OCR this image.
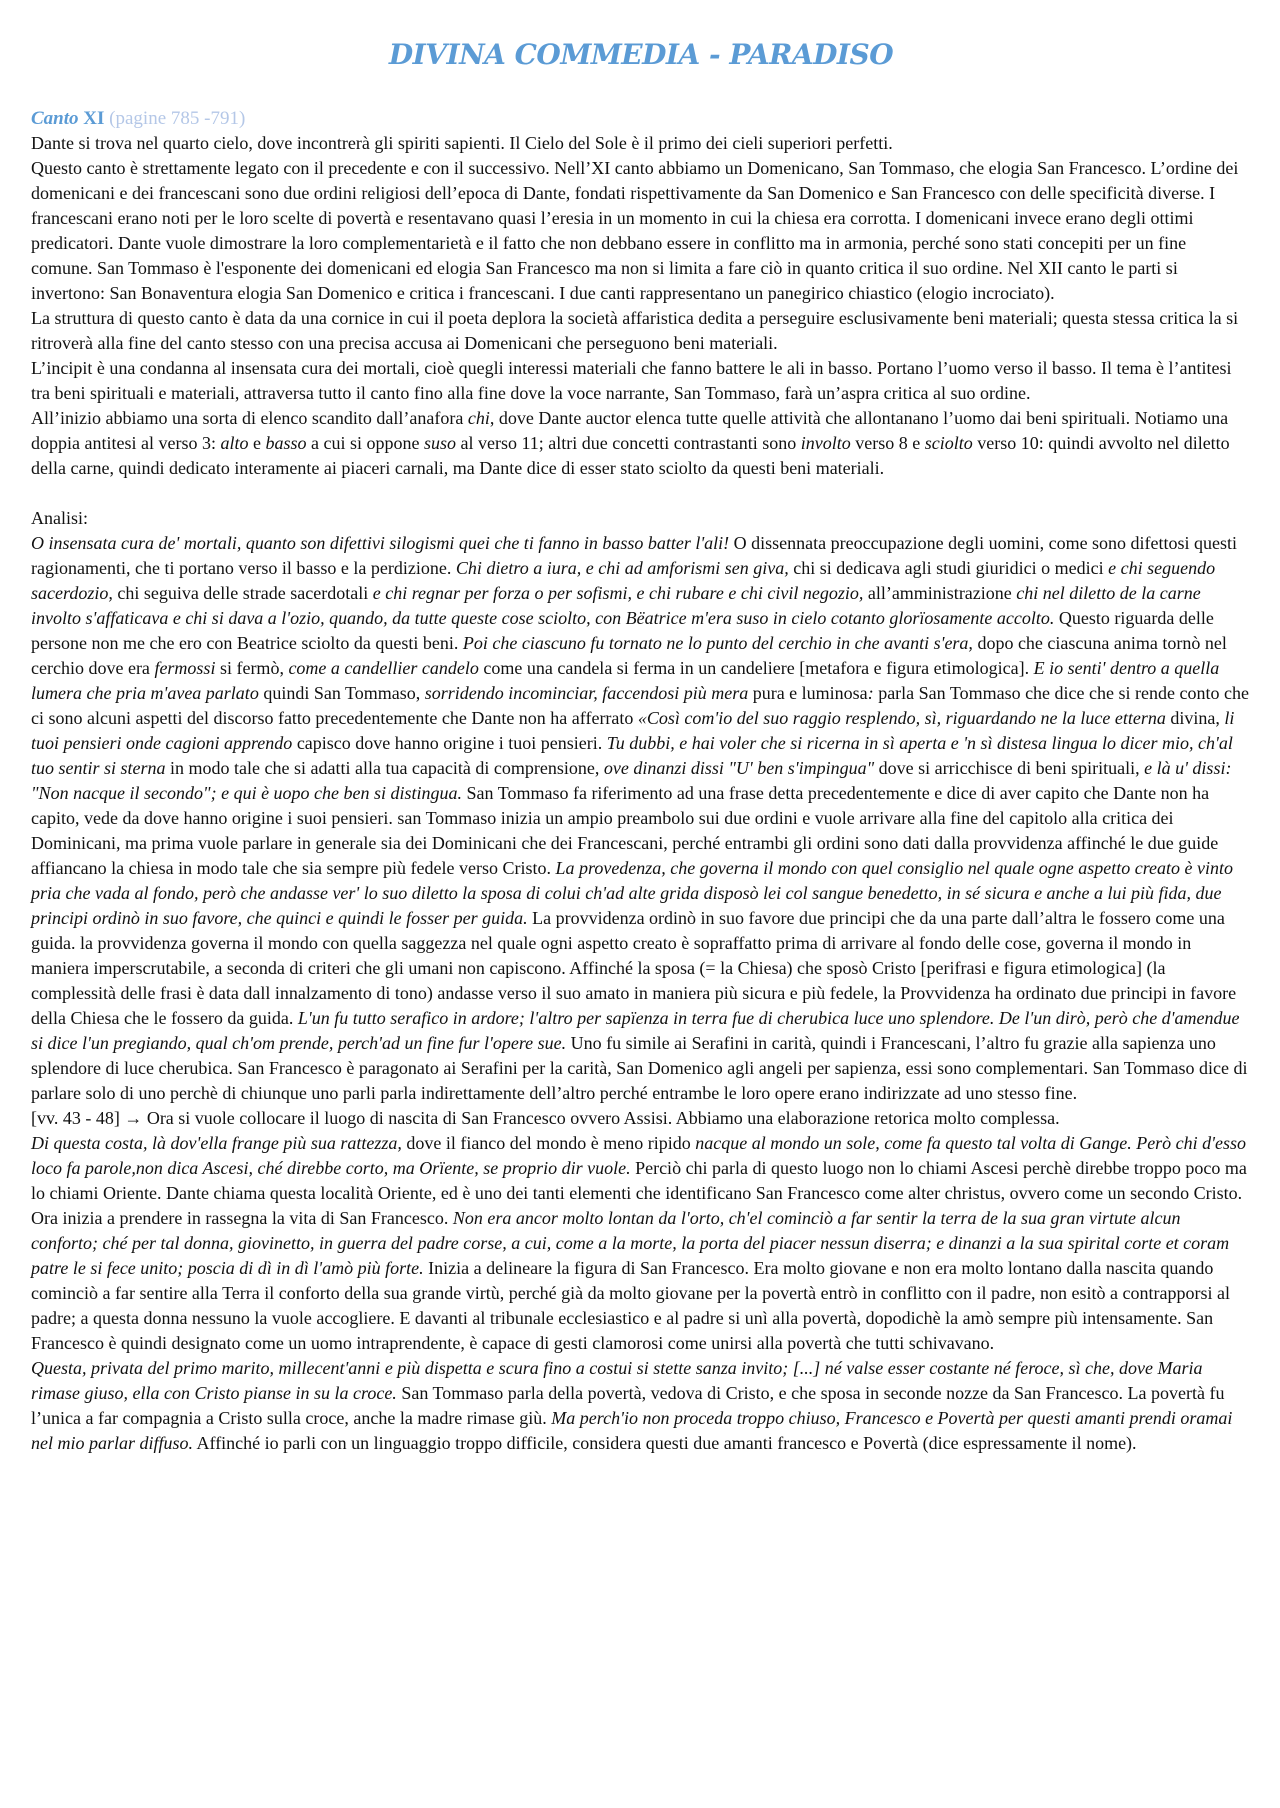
DIVINA COMMEDIA - PARADISO
Canto XI (pagine 785 -791)

Dante si trova nel quarto cielo, dove incontrerà gli spiriti sapienti. Il Cielo del Sole è il primo dei cieli superiori perfetti.

Questo canto è strettamente legato con il precedente e con il successivo. Nell’XI canto abbiamo un Domenicano, San Tommaso, che elogia San Francesco. L’ordine dei domenicani e dei francescani sono due ordini religiosi dell’epoca di Dante, fondati rispettivamente da San Domenico e San Francesco con delle specificità diverse. I francescani erano noti per le loro scelte di povertà e resentavano quasi l’eresia in un momento in cui la chiesa era corrotta. I domenicani invece erano degli ottimi predicatori. Dante vuole dimostrare la loro complementarietà e il fatto che non debbano essere in conflitto ma in armonia, perché sono stati concepiti per un fine comune. San Tommaso è l'esponente dei domenicani ed elogia San Francesco ma non si limita a fare ciò in quanto critica il suo ordine. Nel XII canto le parti si invertono: San Bonaventura elogia San Domenico e critica i francescani. I due canti rappresentano un panegirico chiastico (elogio incrociato).

La struttura di questo canto è data da una cornice in cui il poeta deplora la società affaristica dedita a perseguire esclusivamente beni materiali; questa stessa critica la si ritroverà alla fine del canto stesso con una precisa accusa ai Domenicani che perseguono beni materiali.

L’incipit è una condanna al insensata cura dei mortali, cioè quegli interessi materiali che fanno battere le ali in basso. Portano l’uomo verso il basso. Il tema è l’antitesi tra beni spirituali e materiali, attraversa tutto il canto fino alla fine dove la voce narrante, San Tommaso, farà un’aspra critica al suo ordine.

All’inizio abbiamo una sorta di elenco scandito dall’anafora chi, dove Dante auctor elenca tutte quelle attività che allontanano l’uomo dai beni spirituali. Notiamo una doppia antitesi al verso 3: alto e basso a cui si oppone suso al verso 11; altri due concetti contrastanti sono involto verso 8 e sciolto verso 10: quindi avvolto nel diletto della carne, quindi dedicato interamente ai piaceri carnali, ma Dante dice di esser stato sciolto da questi beni materiali.

Analisi:

O insensata cura de' mortali, quanto son difettivi silogismi quei che ti fanno in basso batter l'ali! O dissennata preoccupazione degli uomini, come sono difettosi questi ragionamenti, che ti portano verso il basso e la perdizione. Chi dietro a iura, e chi ad amforismi sen giva, chi si dedicava agli studi giuridici o medici e chi seguendo sacerdozio, chi seguiva delle strade sacerdotali e chi regnar per forza o per sofismi, e chi rubare e chi civil negozio, all’amministrazione chi nel diletto de la carne involto s'affaticava e chi si dava a l'ozio, quando, da tutte queste cose sciolto, con Bëatrice m'era suso in cielo cotanto glorïosamente accolto. Questo riguarda delle persone non me che ero con Beatrice sciolto da questi beni. Poi che ciascuno fu tornato ne lo punto del cerchio in che avanti s'era, dopo che ciascuna anima tornò nel cerchio dove era fermossi si fermò, come a candellier candelo come una candela si ferma in un candeliere [metafora e figura etimologica]. E io senti' dentro a quella lumera che pria m'avea parlato quindi San Tommaso, sorridendo incominciar, faccendosi più mera pura e luminosa: parla San Tommaso che dice che si rende conto che ci sono alcuni aspetti del discorso fatto precedentemente che Dante non ha afferrato «Così com'io del suo raggio resplendo, sì, riguardando ne la luce etterna divina, li tuoi pensieri onde cagioni apprendo capisco dove hanno origine i tuoi pensieri. Tu dubbi, e hai voler che si ricerna in sì aperta e 'n sì distesa lingua lo dicer mio, ch'al tuo sentir si sterna in modo tale che si adatti alla tua capacità di comprensione, ove dinanzi dissi "U' ben s'impingua" dove si arricchisce di beni spirituali, e là u' dissi: "Non nacque il secondo"; e qui è uopo che ben si distingua. San Tommaso fa riferimento ad una frase detta precedentemente e dice di aver capito che Dante non ha capito, vede da dove hanno origine i suoi pensieri. san Tommaso inizia un ampio preambolo sui due ordini e vuole arrivare alla fine del capitolo alla critica dei Dominicani, ma prima vuole parlare in generale sia dei Dominicani che dei Francescani, perché entrambi gli ordini sono dati dalla provvidenza affinché le due guide affiancano la chiesa in modo tale che sia sempre più fedele verso Cristo. La provedenza, che governa il mondo con quel consiglio nel quale ogne aspetto creato è vinto pria che vada al fondo, però che andasse ver' lo suo diletto la sposa di colui ch'ad alte grida disposò lei col sangue benedetto, in sé sicura e anche a lui più fida, due principi ordinò in suo favore, che quinci e quindi le fosser per guida. La provvidenza ordinò in suo favore due principi che da una parte dall’altra le fossero come una guida. la provvidenza governa il mondo con quella saggezza nel quale ogni aspetto creato è sopraffatto prima di arrivare al fondo delle cose, governa il mondo in maniera imperscrutabile, a seconda di criteri che gli umani non capiscono. Affinché la sposa (= la Chiesa) che sposò Cristo [perifrasi e figura etimologica] (la complessità delle frasi è data dall innalzamento di tono) andasse verso il suo amato in maniera più sicura e più fedele, la Provvidenza ha ordinato due principi in favore della Chiesa che le fossero da guida. L'un fu tutto serafico in ardore; l'altro per sapïenza in terra fue di cherubica luce uno splendore. De l'un dirò, però che d'amendue si dice l'un pregiando, qual ch'om prende, perch'ad un fine fur l'opere sue. Uno fu simile ai Serafini in carità, quindi i Francescani, l’altro fu grazie alla sapienza uno splendore di luce cherubica. San Francesco è paragonato ai Serafini per la carità, San Domenico agli angeli per sapienza, essi sono complementari. San Tommaso dice di parlare solo di uno perchè di chiunque uno parli parla indirettamente dell’altro perché entrambe le loro opere erano indirizzate ad uno stesso fine.

[vv. 43 - 48] → Ora si vuole collocare il luogo di nascita di San Francesco ovvero Assisi. Abbiamo una elaborazione retorica molto complessa.

Di questa costa, là dov'ella frange più sua rattezza, dove il fianco del mondo è meno ripido nacque al mondo un sole, come fa questo tal volta di Gange. Però chi d'esso loco fa parole,non dica Ascesi, ché direbbe corto, ma Orïente, se proprio dir vuole. Perciò chi parla di questo luogo non lo chiami Ascesi perchè direbbe troppo poco ma lo chiami Oriente. Dante chiama questa località Oriente, ed è uno dei tanti elementi che identificano San Francesco come alter christus, ovvero come un secondo Cristo.

Ora inizia a prendere in rassegna la vita di San Francesco. Non era ancor molto lontan da l'orto, ch'el cominciò a far sentir la terra de la sua gran virtute alcun conforto; ché per tal donna, giovinetto, in guerra del padre corse, a cui, come a la morte, la porta del piacer nessun diserra; e dinanzi a la sua spirital corte et coram patre le si fece unito; poscia di dì in dì l'amò più forte. Inizia a delineare la figura di San Francesco. Era molto giovane e non era molto lontano dalla nascita quando cominciò a far sentire alla Terra il conforto della sua grande virtù, perché già da molto giovane per la povertà entrò in conflitto con il padre, non esitò a contrapporsi al padre; a questa donna nessuno la vuole accogliere. E davanti al tribunale ecclesiastico e al padre si unì alla povertà, dopodichè la amò sempre più intensamente. San Francesco è quindi designato come un uomo intraprendente, è capace di gesti clamorosi come unirsi alla povertà che tutti schivavano.

Questa, privata del primo marito, millecent'anni e più dispetta e scura fino a costui si stette sanza invito; [...] né valse esser costante né feroce, sì che, dove Maria rimase giuso, ella con Cristo pianse in su la croce. San Tommaso parla della povertà, vedova di Cristo, e che sposa in seconde nozze da San Francesco. La povertà fu l’unica a far compagnia a Cristo sulla croce, anche la madre rimase giù. Ma perch'io non proceda troppo chiuso, Francesco e Povertà per questi amanti prendi oramai nel mio parlar diffuso. Affinché io parli con un linguaggio troppo difficile, considera questi due amanti francesco e Povertà (dice espressamente il nome).
